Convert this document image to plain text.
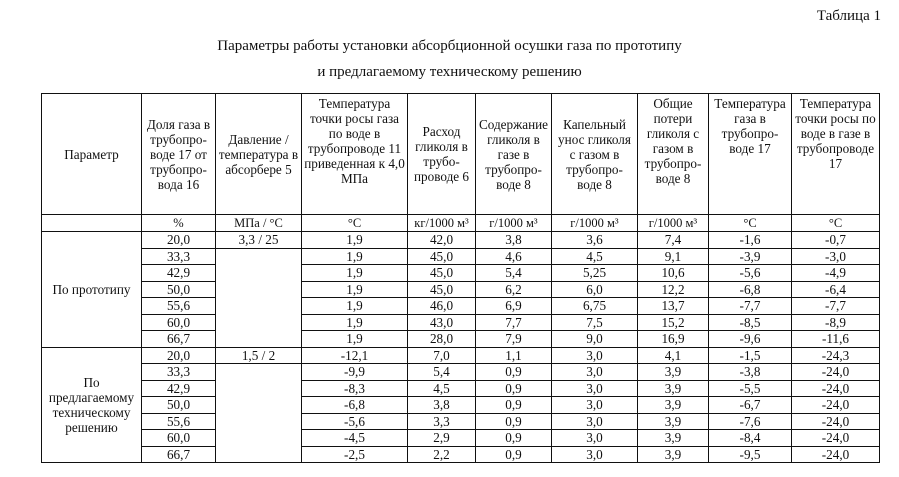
Таблица 1
Параметры работы установки абсорбционной осушки газа по прототипу
и предлагаемому техническому решению
Параметр	Доля газа в трубопро-воде 17 от трубопро-вода 16	Давление / температура в абсорбере 5	Температура точки росы газа по воде в трубопроводе 11 приведенная к 4,0 МПа	Расход гликоля в трубо-проводе 6	Содержание гликоля в газе в трубопро-воде 8	Капельный унос гликоля с газом в трубопро-воде 8	Общие потери гликоля с газом в трубопро-воде 8	Температура газа в трубопро-воде 17	Температура точки росы по воде в газе в трубопроводе 17
	%	МПа / °С	°С	кг/1000 м³	г/1000 м³	г/1000 м³	г/1000 м³	°С	°С
По прототипу	20,0	3,3 / 25	1,9	42,0	3,8	3,6	7,4	-1,6	-0,7
	33,3		1,9	45,0	4,6	4,5	9,1	-3,9	-3,0
	42,9		1,9	45,0	5,4	5,25	10,6	-5,6	-4,9
	50,0		1,9	45,0	6,2	6,0	12,2	-6,8	-6,4
	55,6		1,9	46,0	6,9	6,75	13,7	-7,7	-7,7
	60,0		1,9	43,0	7,7	7,5	15,2	-8,5	-8,9
	66,7		1,9	28,0	7,9	9,0	16,9	-9,6	-11,6
По предлагаемому техническому решению	20,0	1,5 / 2	-12,1	7,0	1,1	3,0	4,1	-1,5	-24,3
	33,3		-9,9	5,4	0,9	3,0	3,9	-3,8	-24,0
	42,9		-8,3	4,5	0,9	3,0	3,9	-5,5	-24,0
	50,0		-6,8	3,8	0,9	3,0	3,9	-6,7	-24,0
	55,6		-5,6	3,3	0,9	3,0	3,9	-7,6	-24,0
	60,0		-4,5	2,9	0,9	3,0	3,9	-8,4	-24,0
	66,7		-2,5	2,2	0,9	3,0	3,9	-9,5	-24,0
